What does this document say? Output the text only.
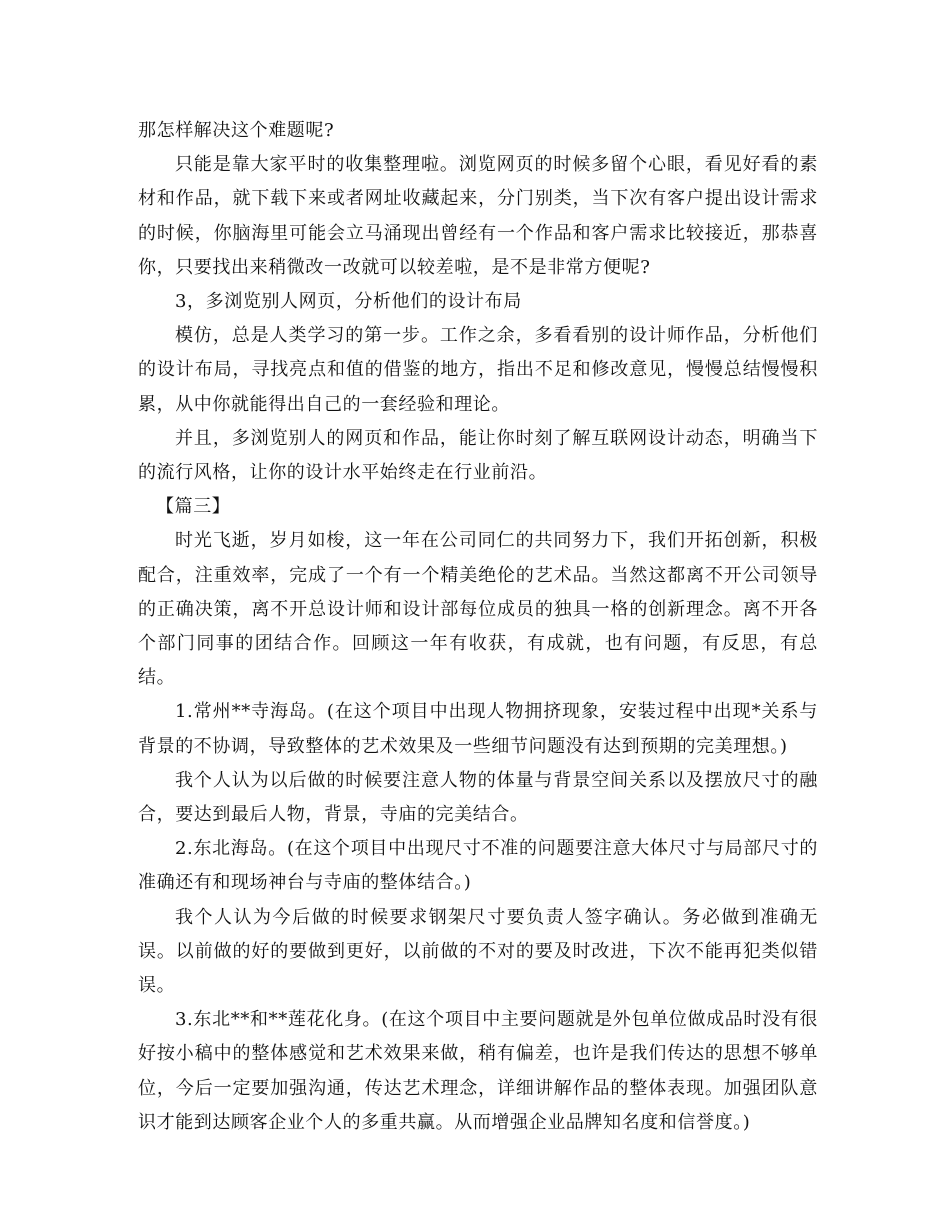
那怎样解决这个难题呢?

只能是靠大家平时的收集整理啦。浏览网页的时候多留个心眼，看见好看的素材和作品，就下载下来或者网址收藏起来，分门别类，当下次有客户提出设计需求的时候，你脑海里可能会立马涌现出曾经有一个作品和客户需求比较接近，那恭喜你，只要找出来稍微改一改就可以较差啦，是不是非常方便呢?

3，多浏览别人网页，分析他们的设计布局

模仿，总是人类学习的第一步。工作之余，多看看别的设计师作品，分析他们的设计布局，寻找亮点和值的借鉴的地方，指出不足和修改意见，慢慢总结慢慢积累，从中你就能得出自己的一套经验和理论。

并且，多浏览别人的网页和作品，能让你时刻了解互联网设计动态，明确当下的流行风格，让你的设计水平始终走在行业前沿。

【篇三】

时光飞逝，岁月如梭，这一年在公司同仁的共同努力下，我们开拓创新，积极配合，注重效率，完成了一个有一个精美绝伦的艺术品。当然这都离不开公司领导的正确决策，离不开总设计师和设计部每位成员的独具一格的创新理念。离不开各个部门同事的团结合作。回顾这一年有收获，有成就，也有问题，有反思，有总结。

1.常州**寺海岛。(在这个项目中出现人物拥挤现象，安装过程中出现*关系与背景的不协调，导致整体的艺术效果及一些细节问题没有达到预期的完美理想。)

我个人认为以后做的时候要注意人物的体量与背景空间关系以及摆放尺寸的融合，要达到最后人物，背景，寺庙的完美结合。

2.东北海岛。(在这个项目中出现尺寸不准的问题要注意大体尺寸与局部尺寸的准确还有和现场神台与寺庙的整体结合。)

我个人认为今后做的时候要求钢架尺寸要负责人签字确认。务必做到准确无误。以前做的好的要做到更好，以前做的不对的要及时改进，下次不能再犯类似错误。

3.东北**和**莲花化身。(在这个项目中主要问题就是外包单位做成品时没有很好按小稿中的整体感觉和艺术效果来做，稍有偏差，也许是我们传达的思想不够单位，今后一定要加强沟通，传达艺术理念，详细讲解作品的整体表现。加强团队意识才能到达顾客企业个人的多重共赢。从而增强企业品牌知名度和信誉度。)
